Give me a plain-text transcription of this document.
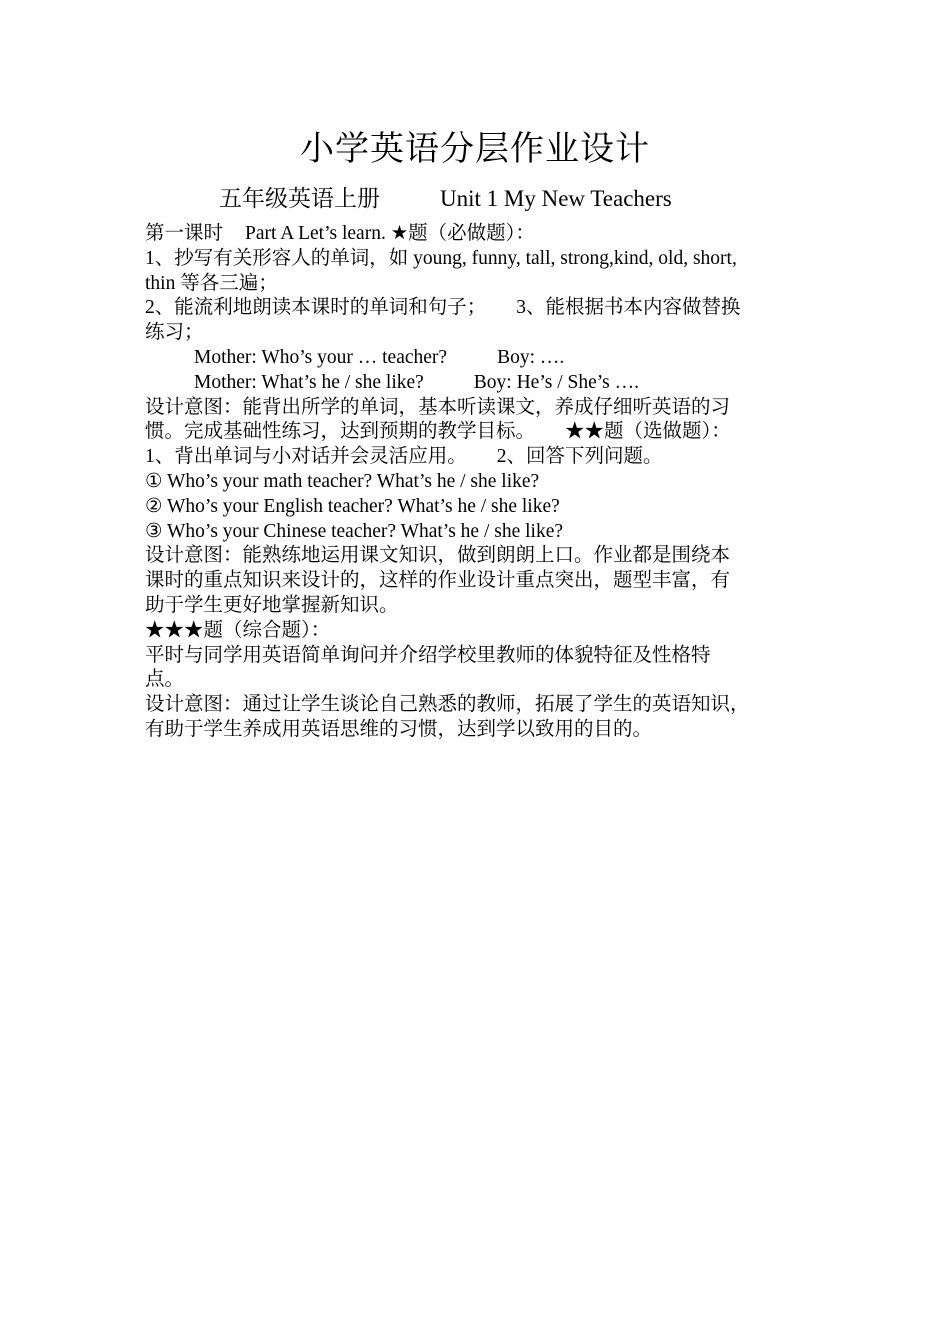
小学英语分层作业设计
五年级英语上册	Unit 1 My New Teachers
第一课时 Part A Let’s learn. ★题（必做题）：
1、抄写有关形容人的单词，如 young, funny, tall, strong,kind, old, short,
thin 等各三遍；
2、能流利地朗读本课时的单词和句子； 3、能根据书本内容做替换
练习；
Mother: Who’s your … teacher?	Boy: ….
Mother: What’s he / she like?	Boy: He’s / She’s ….
设计意图：能背出所学的单词，基本听读课文，养成仔细听英语的习
惯。完成基础性练习，达到预期的教学目标。 ★★题（选做题）：
1、背出单词与小对话并会灵活应用。 2、回答下列问题。
① Who’s your math teacher? What’s he / she like?
② Who’s your English teacher? What’s he / she like?
③ Who’s your Chinese teacher? What’s he / she like?
设计意图：能熟练地运用课文知识，做到朗朗上口。作业都是围绕本
课时的重点知识来设计的，这样的作业设计重点突出，题型丰富，有
助于学生更好地掌握新知识。
★★★题（综合题）：
平时与同学用英语简单询问并介绍学校里教师的体貌特征及性格特
点。
设计意图：通过让学生谈论自己熟悉的教师，拓展了学生的英语知识，
有助于学生养成用英语思维的习惯，达到学以致用的目的。
